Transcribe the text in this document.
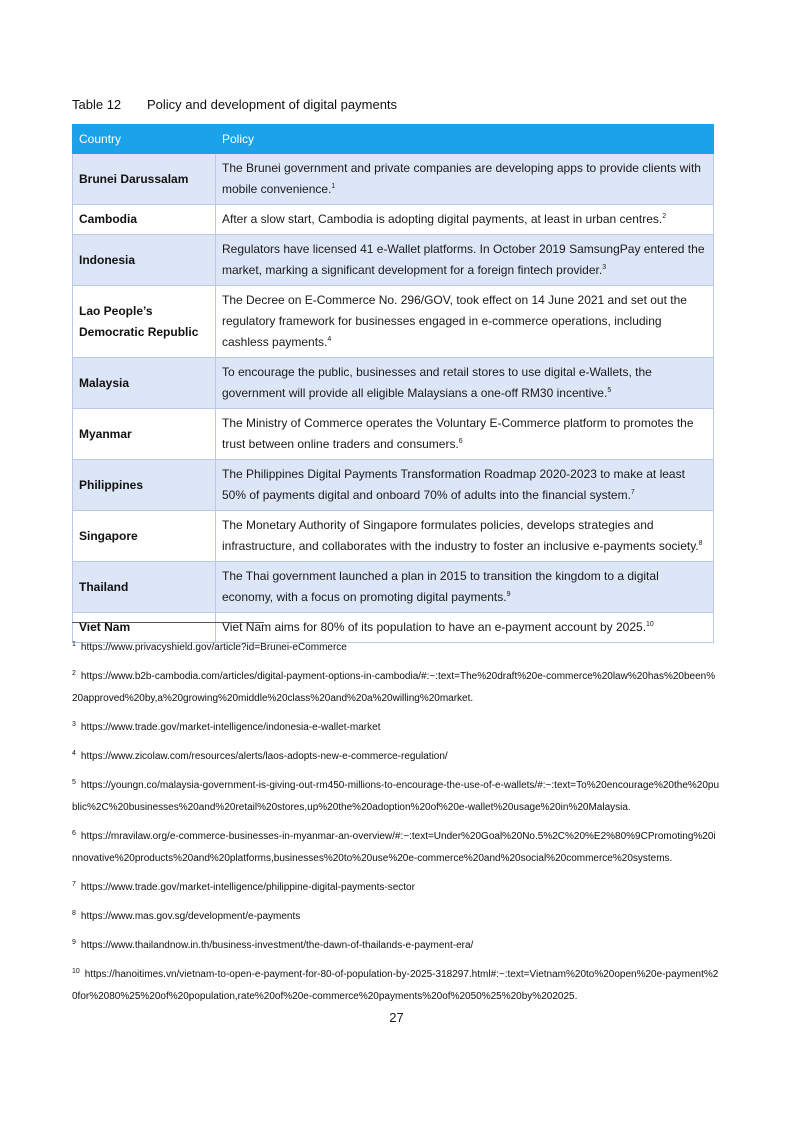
Table 12 Policy and development of digital payments
Country	Policy
Brunei Darussalam	The Brunei government and private companies are developing apps to provide clients with mobile convenience.$^1$
Cambodia	After a slow start, Cambodia is adopting digital payments, at least in urban centres.$^2$
Indonesia	Regulators have licensed 41 e-Wallet platforms. In October 2019 SamsungPay entered the market, marking a significant development for a foreign fintech provider.$^3$
Lao People’s Democratic Republic	The Decree on E-Commerce No. 296/GOV, took effect on 14 June 2021 and set out the regulatory framework for businesses engaged in e-commerce operations, including cashless payments.$^4$
Malaysia	To encourage the public, businesses and retail stores to use digital e-Wallets, the government will provide all eligible Malaysians a one-off RM30 incentive.$^5$
Myanmar	The Ministry of Commerce operates the Voluntary E-Commerce platform to promotes the trust between online traders and consumers.$^6$
Philippines	The Philippines Digital Payments Transformation Roadmap 2020-2023 to make at least 50% of payments digital and onboard 70% of adults into the financial system.$^7$
Singapore	The Monetary Authority of Singapore formulates policies, develops strategies and infrastructure, and collaborates with the industry to foster an inclusive e-payments society.$^8$
Thailand	The Thai government launched a plan in 2015 to transition the kingdom to a digital economy, with a focus on promoting digital payments.$^9$
Viet Nam	Viet Nam aims for 80% of its population to have an e-payment account by 2025.10

$^1$ https://www.privacyshield.gov/article?id=Brunei-eCommerce

$^2$ https://www.b2b-cambodia.com/articles/digital-payment-options-in-cambodia/#:~:text=The%20draft%20e-commerce%20law%20has%20been%20approved%20by,a%20growing%20middle%20class%20and%20a%20willing%20market.

$^3$ https://www.trade.gov/market-intelligence/indonesia-e-wallet-market

$^4$ https://www.zicolaw.com/resources/alerts/laos-adopts-new-e-commerce-regulation/

$^5$ https://youngn.co/malaysia-government-is-giving-out-rm450-millions-to-encourage-the-use-of-e-wallets/#:~:text=To%20encourage%20the%20public%2C%20businesses%20and%20retail%20stores,up%20the%20adoption%20of%20e-wallet%20usage%20in%20Malaysia.

$^6$ https://mravilaw.org/e-commerce-businesses-in-myanmar-an-overview/#:~:text=Under%20Goal%20No.5%2C%20%E2%80%9CPromoting%20innovative%20products%20and%20platforms,businesses%20to%20use%20e-commerce%20and%20social%20commerce%20systems.

$^7$ https://www.trade.gov/market-intelligence/philippine-digital-payments-sector

$^8$ https://www.mas.gov.sg/development/e-payments

$^9$ https://www.thailandnow.in.th/business-investment/the-dawn-of-thailands-e-payment-era/

$^{10}$ https://hanoitimes.vn/vietnam-to-open-e-payment-for-80-of-population-by-2025-318297.html#:~:text=Vietnam%20to%20open%20e-payment%20for%2080%25%20of%20population,rate%20of%20e-commerce%20payments%20of%2050%25%20by%202025.

27
